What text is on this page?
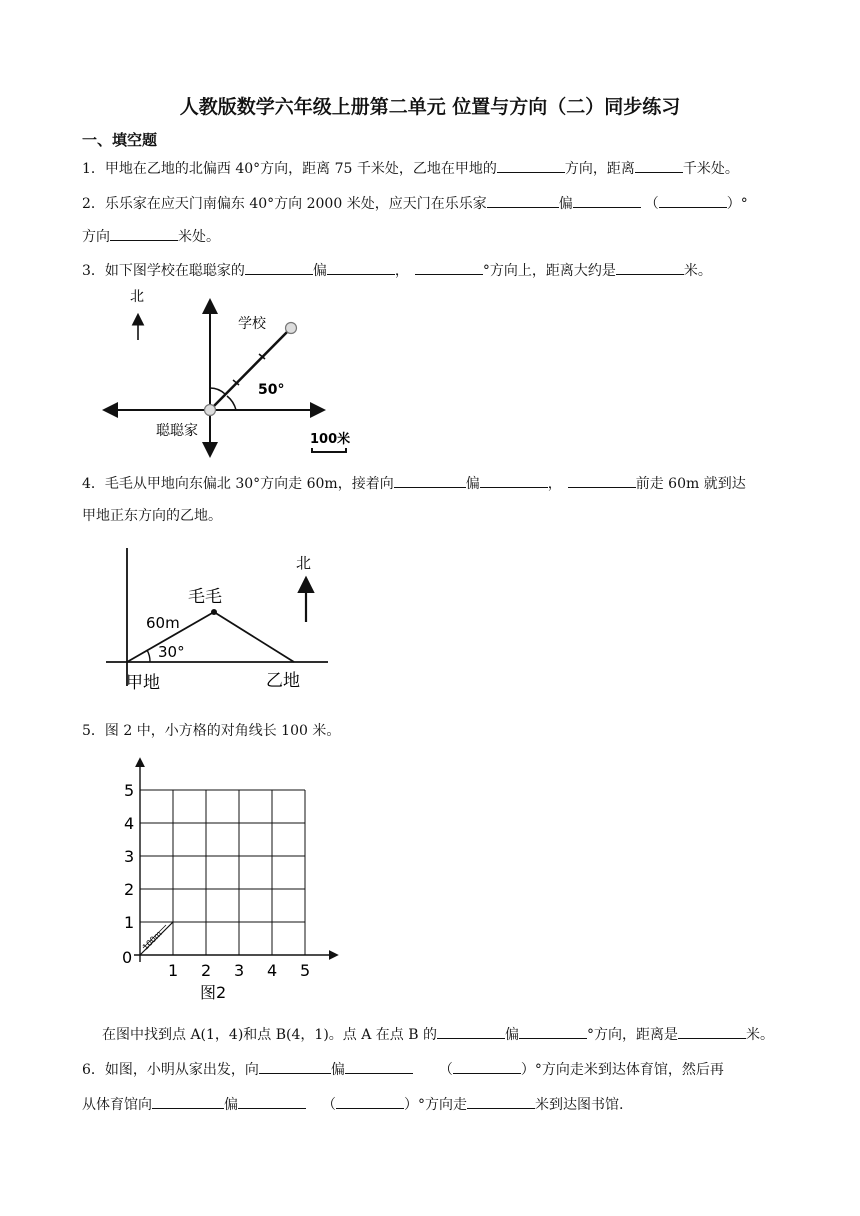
人教版数学六年级上册第二单元 位置与方向（二）同步练习
一、填空题
1．甲地在乙地的北偏西 40°方向，距离 75 千米处，乙地在甲地的	方向，距离	千米处。
2．乐乐家在应天门南偏东 40°方向 2000 米处，应天门在乐乐家	偏	（	）°
方向	米处。
3．如下图学校在聪聪家的	偏	，	°方向上，距离大约是	米。
北
学校
50°
聪聪家
100米
4．毛毛从甲地向东偏北 30°方向走 60m，接着向	偏	，	前走 60m 就到达
甲地正东方向的乙地。
毛毛
60m
30°
甲地	乙地
北
5．图 2 中，小方格的对角线长 100 米。
100m
1 2 3 4 5
1
2
3
4
5
0
图2
在图中找到点 A(1，4)和点 B(4，1)。点 A 在点 B 的	偏	°方向，距离是	米。
6．如图，小明从家出发，向	偏	（	）°方向走米到达体育馆，然后再
从体育馆向	偏	（	）°方向走	米到达图书馆.
